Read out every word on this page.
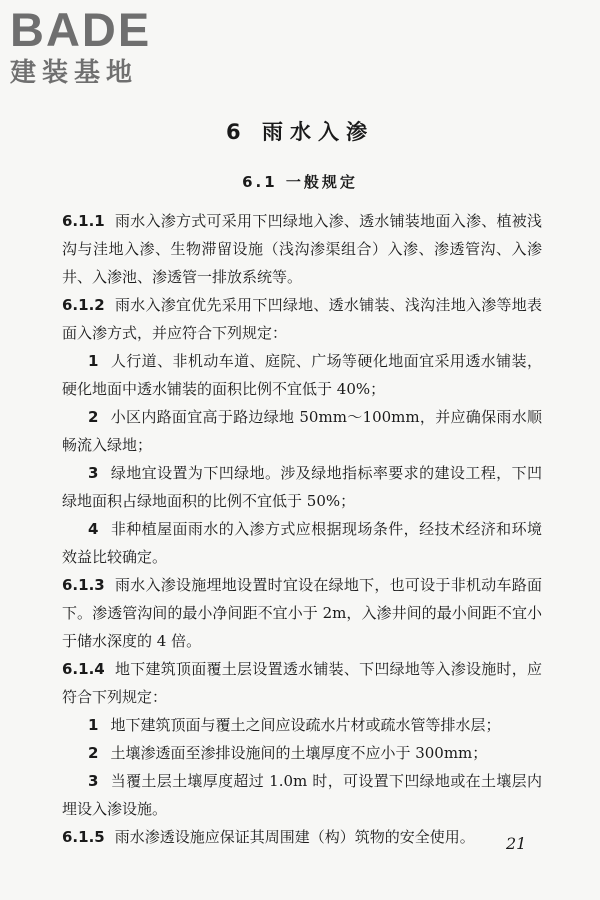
BADE
建装基地
6 雨水入渗
6.1 一般规定

6.1.1 雨水入渗方式可采用下凹绿地入渗、透水铺装地面入渗、植被浅沟与洼地入渗、生物滞留设施（浅沟渗渠组合）入渗、渗透管沟、入渗井、入渗池、渗透管一排放系统等。

6.1.2 雨水入渗宜优先采用下凹绿地、透水铺装、浅沟洼地入渗等地表面入渗方式，并应符合下列规定：

1 人行道、非机动车道、庭院、广场等硬化地面宜采用透水铺装，硬化地面中透水铺装的面积比例不宜低于 40%；

2 小区内路面宜高于路边绿地 50mm～100mm，并应确保雨水顺畅流入绿地；

3 绿地宜设置为下凹绿地。涉及绿地指标率要求的建设工程，下凹绿地面积占绿地面积的比例不宜低于 50%；

4 非种植屋面雨水的入渗方式应根据现场条件，经技术经济和环境效益比较确定。

6.1.3 雨水入渗设施埋地设置时宜设在绿地下，也可设于非机动车路面下。渗透管沟间的最小净间距不宜小于 2m，入渗井间的最小间距不宜小于储水深度的 4 倍。

6.1.4 地下建筑顶面覆土层设置透水铺装、下凹绿地等入渗设施时，应符合下列规定：

1 地下建筑顶面与覆土之间应设疏水片材或疏水管等排水层；

2 土壤渗透面至渗排设施间的土壤厚度不应小于 300mm；

3 当覆土层土壤厚度超过 1.0m 时，可设置下凹绿地或在土壤层内埋设入渗设施。

6.1.5 雨水渗透设施应保证其周围建（构）筑物的安全使用。	21
